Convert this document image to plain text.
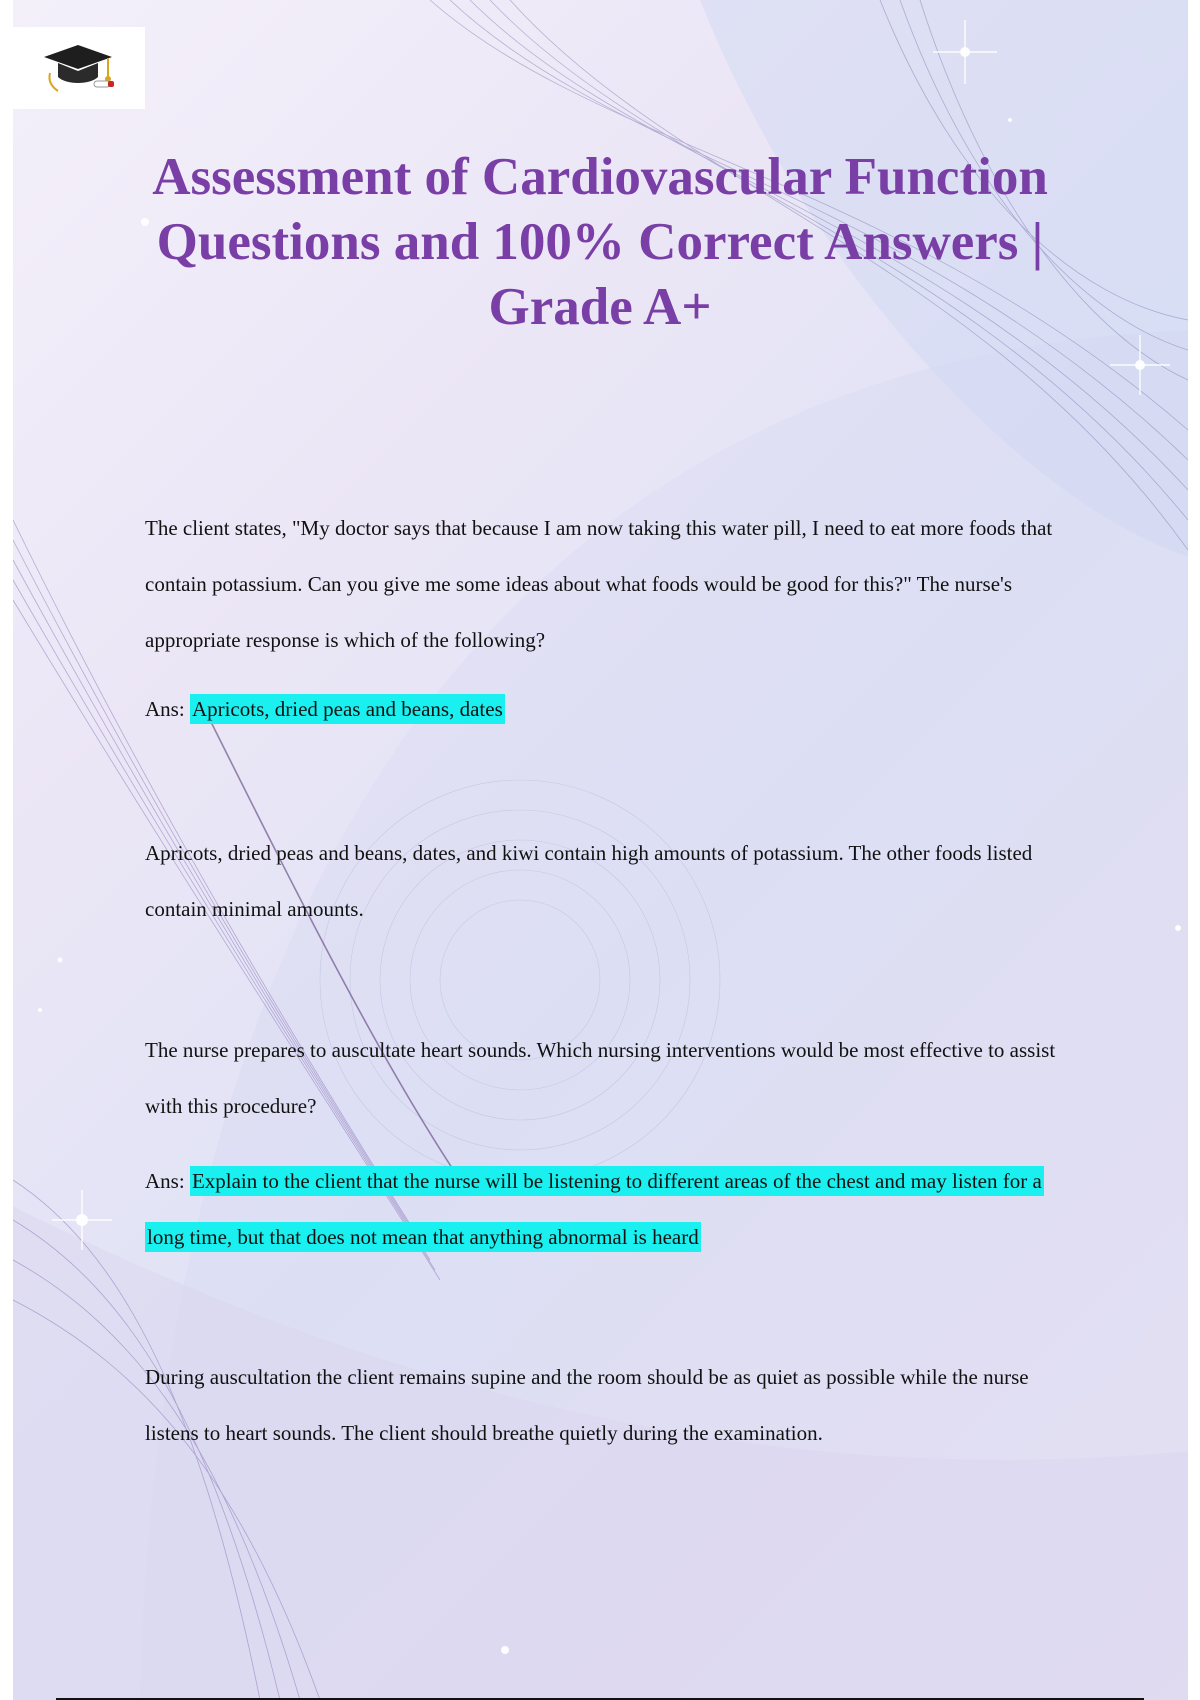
Assessment of Cardiovascular Function Questions and 100% Correct Answers | Grade A+

The client states, "My doctor says that because I am now taking this water pill, I need to eat more foods that contain potassium. Can you give me some ideas about what foods would be good for this?" The nurse's appropriate response is which of the following?

Ans: Apricots, dried peas and beans, dates

Apricots, dried peas and beans, dates, and kiwi contain high amounts of potassium. The other foods listed contain minimal amounts.

The nurse prepares to auscultate heart sounds. Which nursing interventions would be most effective to assist with this procedure?

Ans: Explain to the client that the nurse will be listening to different areas of the chest and may listen for a long time, but that does not mean that anything abnormal is heard

During auscultation the client remains supine and the room should be as quiet as possible while the nurse listens to heart sounds. The client should breathe quietly during the examination.
